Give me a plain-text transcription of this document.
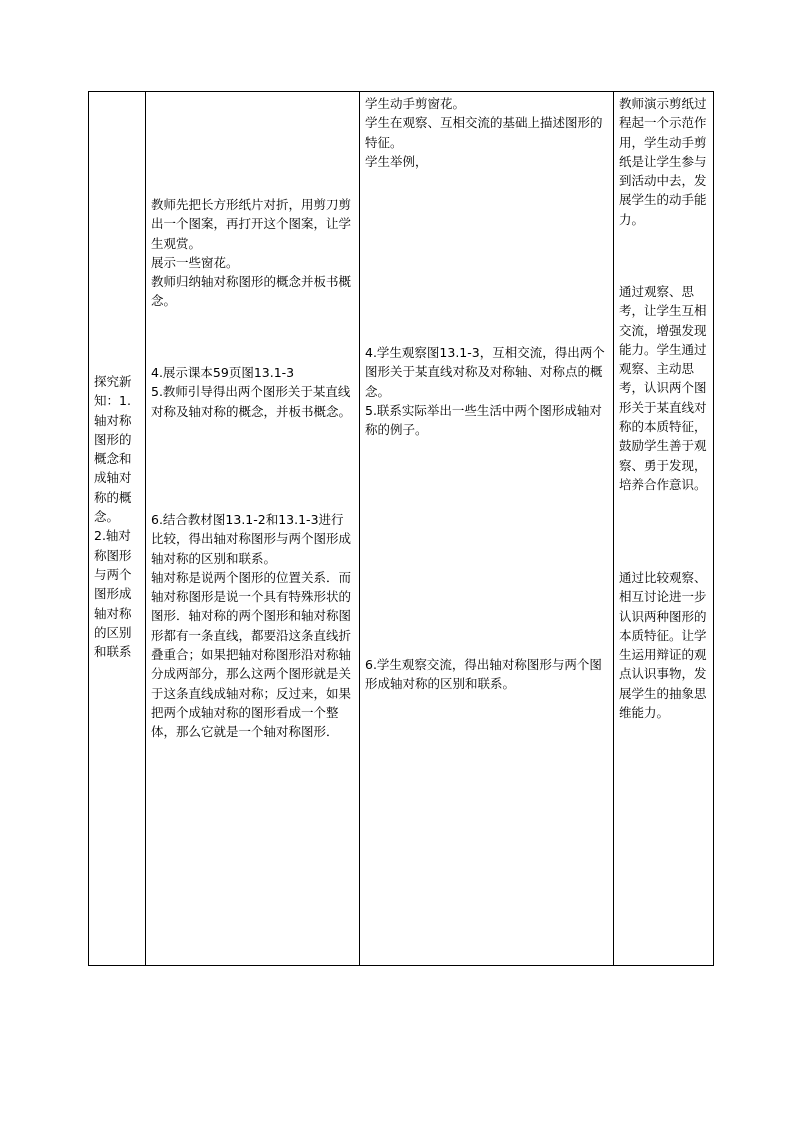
探究新知：1.轴对称图形的概念和成轴对称的概念。
2.轴对称图形与两个图形成轴对称的区别和联系
教师先把长方形纸片对折，用剪刀剪出一个图案，再打开这个图案，让学生观赏。
展示一些窗花。
教师归纳轴对称图形的概念并板书概念。
4.展示课本59页图13.1-3
5.教师引导得出两个图形关于某直线对称及轴对称的概念，并板书概念。
6.结合教材图13.1-2和13.1-3进行比较，得出轴对称图形与两个图形成轴对称的区别和联系。
轴对称是说两个图形的位置关系．而轴对称图形是说一个具有特殊形状的图形．轴对称的两个图形和轴对称图形都有一条直线，都要沿这条直线折叠重合；如果把轴对称图形沿对称轴分成两部分，那么这两个图形就是关于这条直线成轴对称；反过来，如果把两个成轴对称的图形看成一个整体，那么它就是一个轴对称图形．
学生动手剪窗花。
学生在观察、互相交流的基础上描述图形的特征。
学生举例，
4.学生观察图13.1-3，互相交流，得出两个图形关于某直线对称及对称轴、对称点的概念。
5.联系实际举出一些生活中两个图形成轴对称的例子。
6.学生观察交流，得出轴对称图形与两个图形成轴对称的区别和联系。
教师演示剪纸过程起一个示范作用，学生动手剪纸是让学生参与到活动中去，发展学生的动手能力。
通过观察、思考，让学生互相交流，增强发现能力。学生通过观察、主动思考，认识两个图形关于某直线对称的本质特征，鼓励学生善于观察、勇于发现，培养合作意识。
通过比较观察、相互讨论进一步认识两种图形的本质特征。让学生运用辩证的观点认识事物，发展学生的抽象思维能力。
